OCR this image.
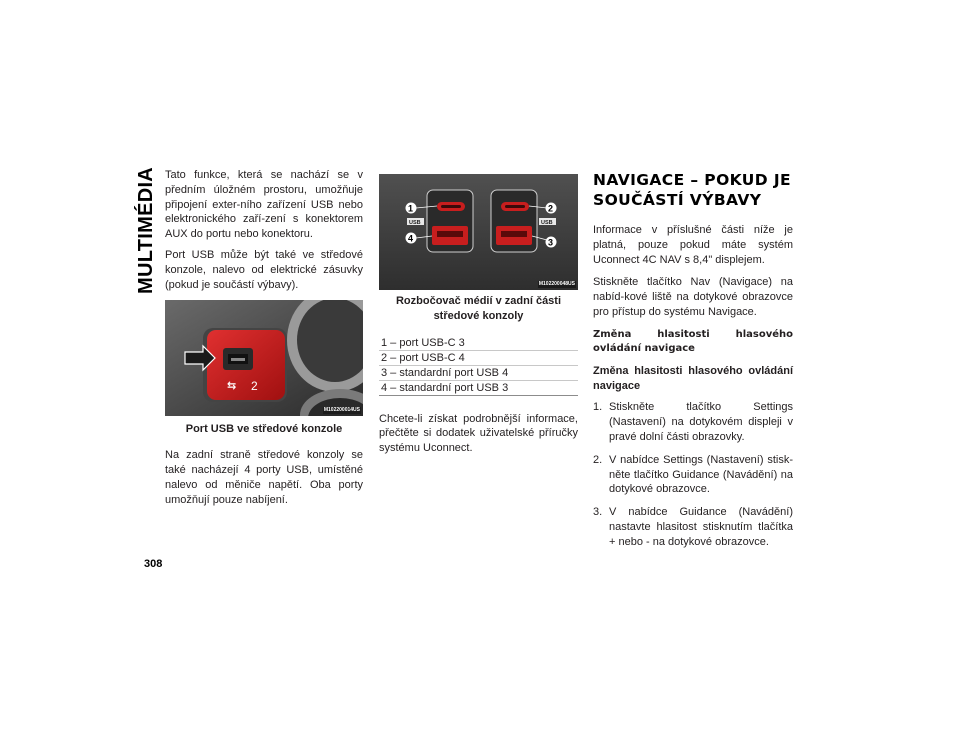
MULTIMÉDIA Tato funkce, která se nachází se v předním úložném prostoru, umožňuje připojení exter-ního zařízení USB nebo elektronického zaří-zení s konektorem AUX do portu nebo konektoru.

Port USB může být také ve středové konzole, nalevo od elektrické zásuvky (pokud je součástí výbavy).

⇆ 2
M102200014US
Port USB ve středové konzole

Na zadní straně středové konzoly se také nacházejí 4 porty USB, umístěné nalevo od měniče napětí. Oba porty umožňují pouze nabíjení.

USB	USB
1
4
2
3
M102200048US
Rozbočovač médií v zadní části středové konzoly
1 – port USB-C 3
2 – port USB-C 4
3 – standardní port USB 4
4 – standardní port USB 3

Chcete-li získat podrobnější informace, přečtěte si dodatek uživatelské příručky systému Uconnect.

NAVIGACE – POKUD JE SOUČÁSTÍ VÝBAVY

Informace v příslušné části níže je platná, pouze pokud máte systém Uconnect 4C NAV s 8,4" displejem.

Stiskněte tlačítko Nav (Navigace) na nabíd-kové liště na dotykové obrazovce pro přístup do systému Navigace.

Změna hlasitosti hlasového ovládání navigace

Změna hlasitosti hlasového ovládání navigace

1. Stiskněte tlačítko Settings (Nastavení) na dotykovém displeji v pravé dolní části obrazovky.
2. V nabídce Settings (Nastavení) stisk-něte tlačítko Guidance (Navádění) na dotykové obrazovce.
3. V nabídce Guidance (Navádění) nastavte hlasitost stisknutím tlačítka + nebo - na dotykové obrazovce.
308
